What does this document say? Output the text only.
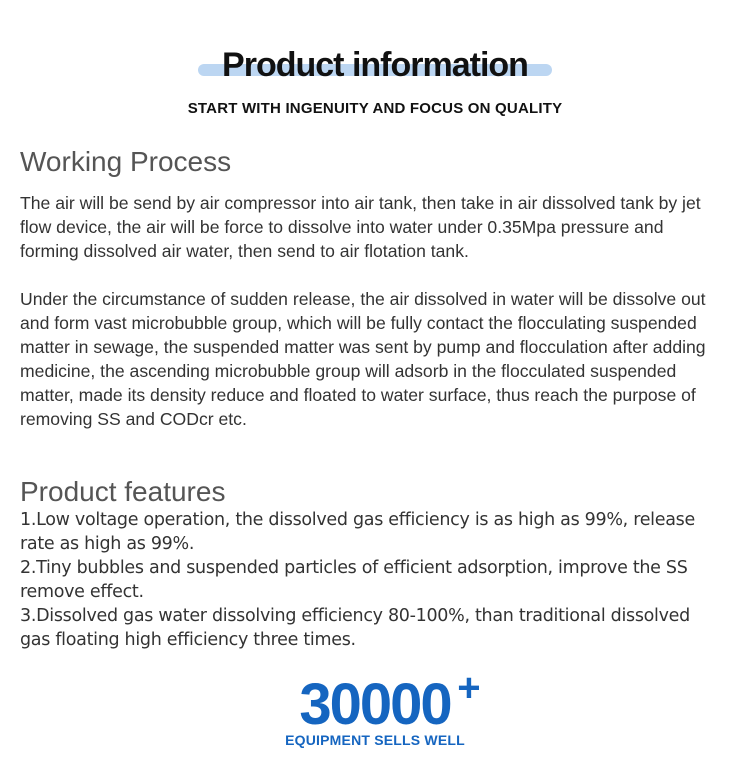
Product information
START WITH INGENUITY AND FOCUS ON QUALITY
Working Process

The air will be send by air compressor into air tank, then take in air dissolved tank by jet flow device, the air will be force to dissolve into water under 0.35Mpa pressure and forming dissolved air water, then send to air flotation tank.

Under the circumstance of sudden release, the air dissolved in water will be dissolve out and form vast microbubble group, which will be fully contact the flocculating suspended matter in sewage, the suspended matter was sent by pump and flocculation after adding medicine, the ascending microbubble group will adsorb in the flocculated suspended matter, made its density reduce and floated to water surface, thus reach the purpose of removing SS and CODcr etc.

Product features
1.Low voltage operation, the dissolved gas efficiency is as high as 99%, release rate as high as 99%.
2.Tiny bubbles and suspended particles of efficient adsorption, improve the SS remove effect.
3.Dissolved gas water dissolving efficiency 80-100%, than traditional dissolved gas floating high efficiency three times.
30000 +
EQUIPMENT SELLS WELL
